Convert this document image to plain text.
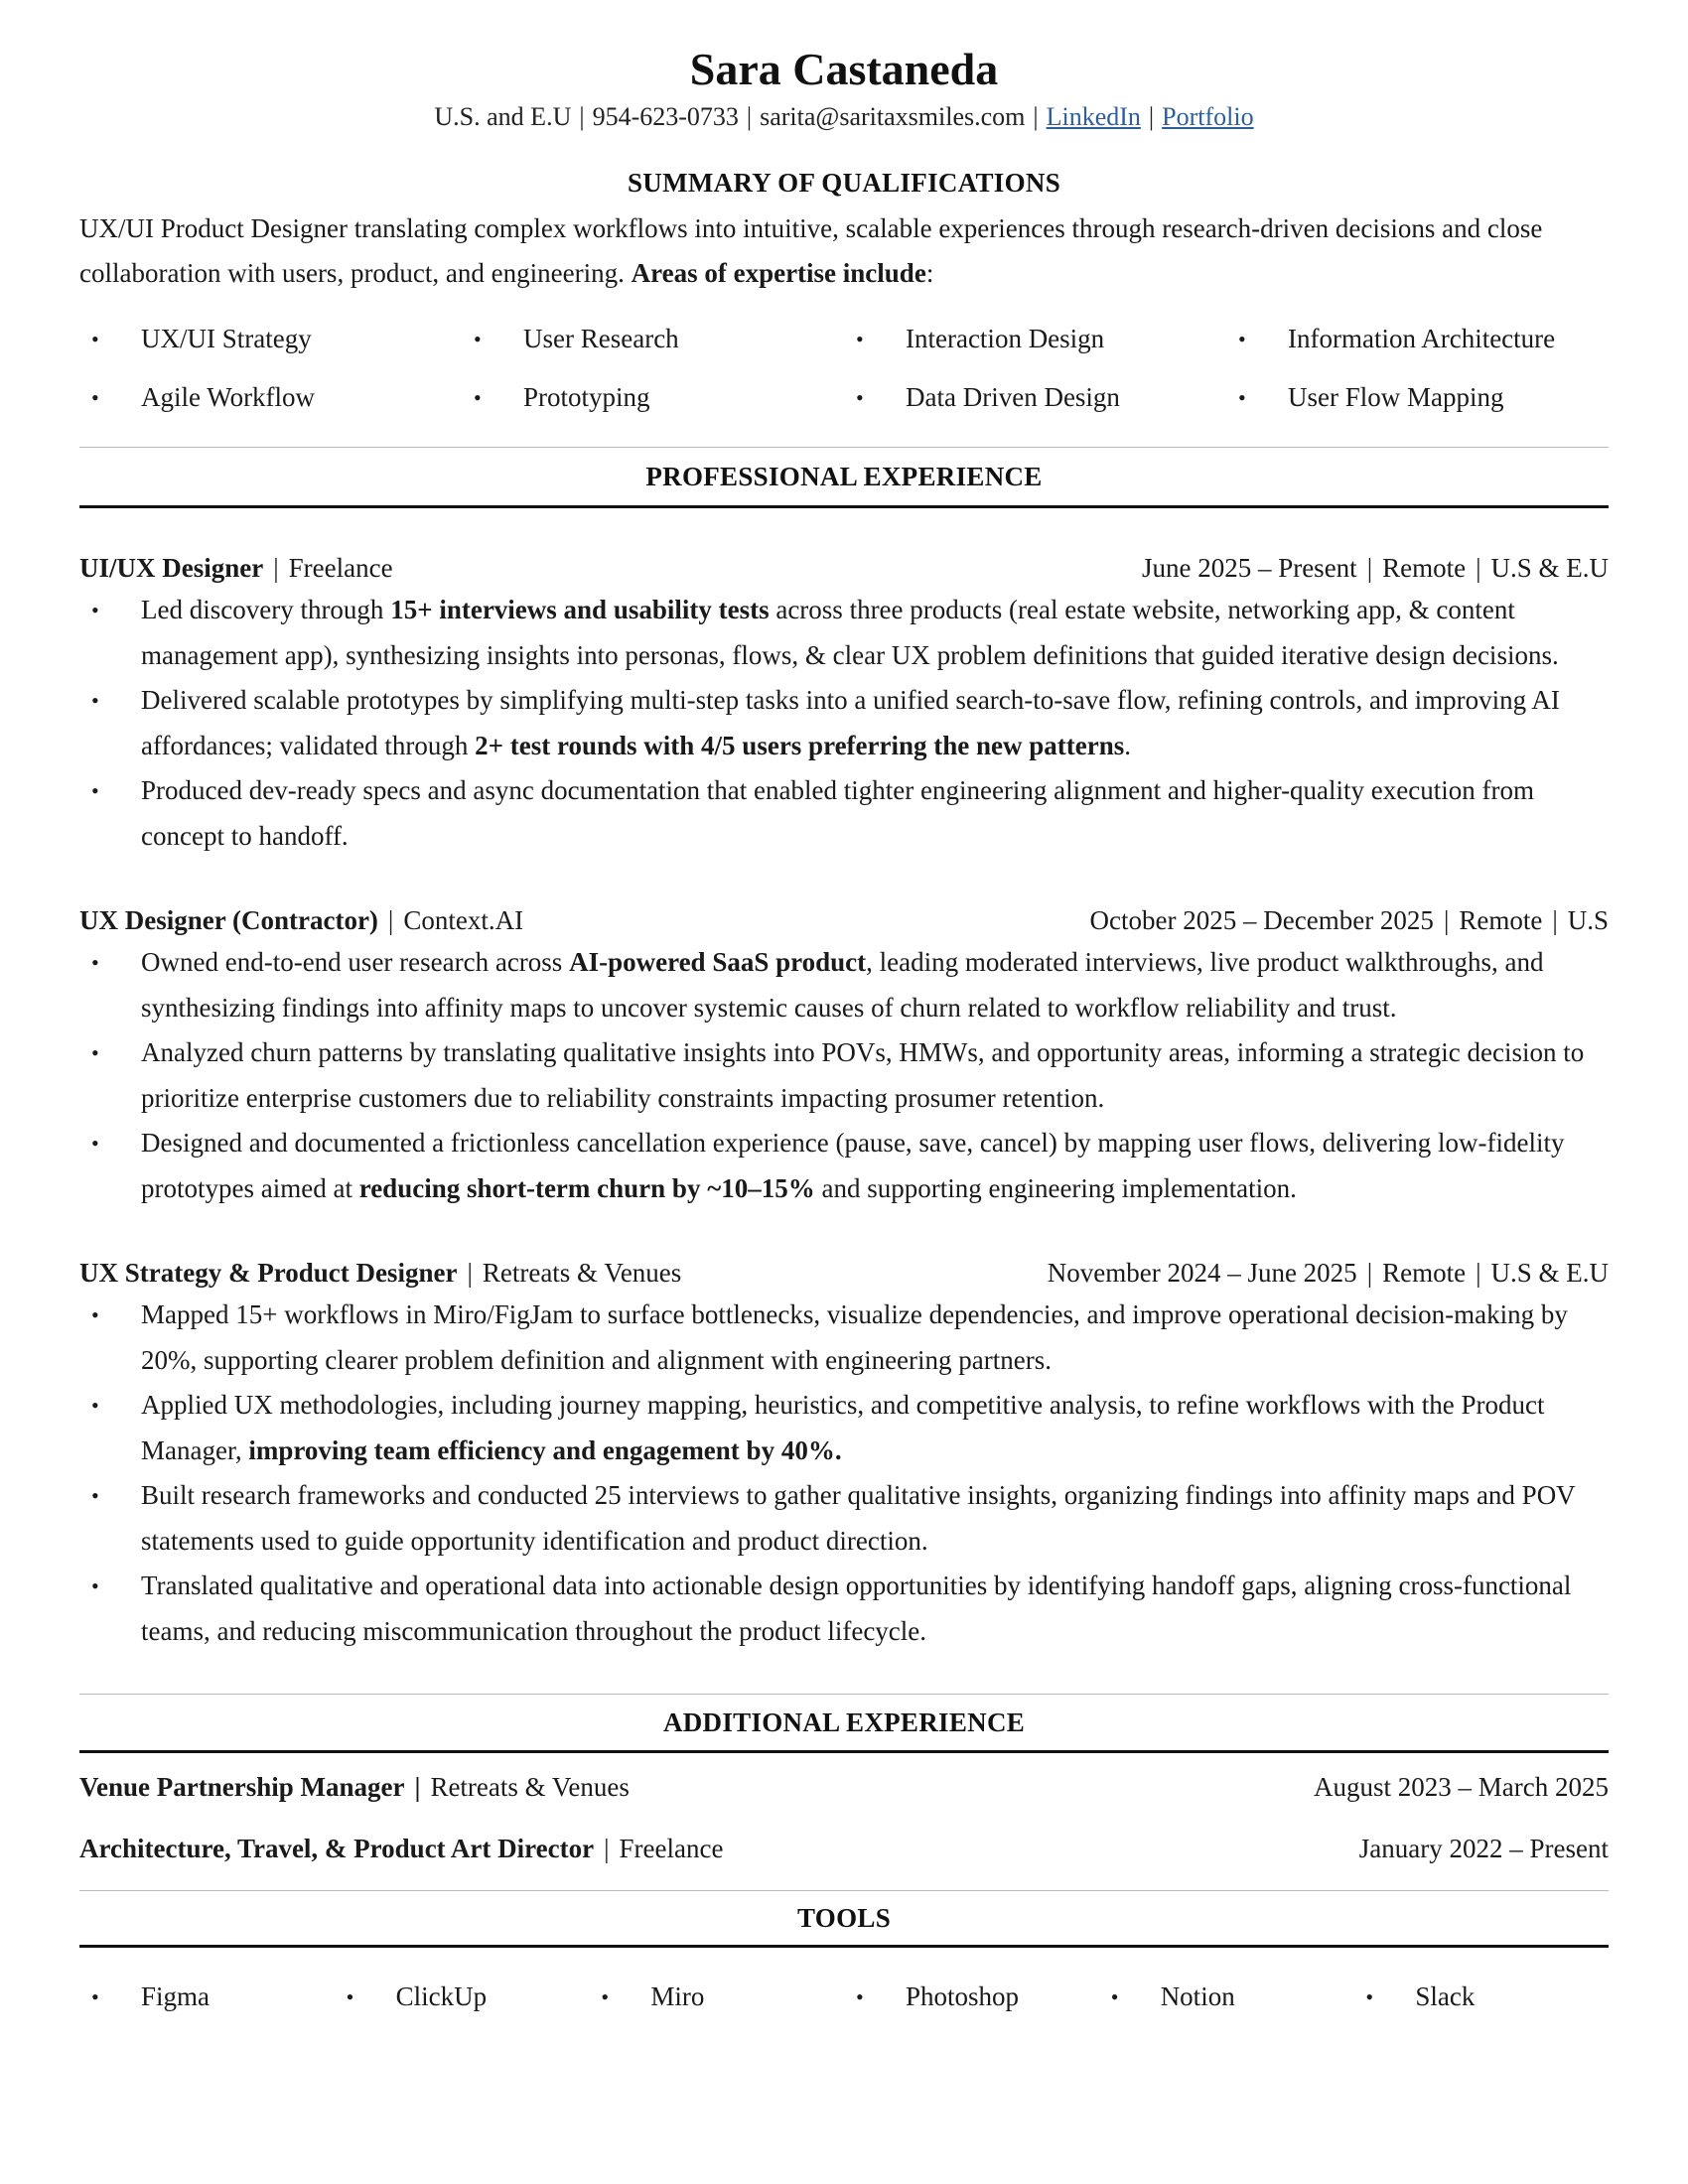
Sara Castaneda
U.S. and E.U | 954-623-0733 | sarita@saritaxsmiles.com | LinkedIn | Portfolio
SUMMARY OF QUALIFICATIONS
UX/UI Product Designer translating complex workflows into intuitive, scalable experiences through research-driven decisions and close collaboration with users, product, and engineering. Areas of expertise include:
•	UX/UI Strategy	•	User Research	•	Interaction Design	•	Information Architecture
•	Agile Workflow	•	Prototyping	•	Data Driven Design	•	User Flow Mapping
PROFESSIONAL EXPERIENCE
UI/UX Designer | Freelance	June 2025 – Present | Remote | U.S & E.U
• Led discovery through 15+ interviews and usability tests across three products (real estate website, networking app, & content management app), synthesizing insights into personas, flows, & clear UX problem definitions that guided iterative design decisions.
• Delivered scalable prototypes by simplifying multi-step tasks into a unified search-to-save flow, refining controls, and improving AI affordances; validated through 2+ test rounds with 4/5 users preferring the new patterns.
• Produced dev-ready specs and async documentation that enabled tighter engineering alignment and higher-quality execution from concept to handoff.
UX Designer (Contractor) | Context.AI	October 2025 – December 2025 | Remote | U.S
• Owned end-to-end user research across AI-powered SaaS product, leading moderated interviews, live product walkthroughs, and synthesizing findings into affinity maps to uncover systemic causes of churn related to workflow reliability and trust.
• Analyzed churn patterns by translating qualitative insights into POVs, HMWs, and opportunity areas, informing a strategic decision to prioritize enterprise customers due to reliability constraints impacting prosumer retention.
• Designed and documented a frictionless cancellation experience (pause, save, cancel) by mapping user flows, delivering low-fidelity prototypes aimed at reducing short-term churn by ~10–15% and supporting engineering implementation.
UX Strategy & Product Designer | Retreats & Venues	November 2024 – June 2025 | Remote | U.S & E.U
• Mapped 15+ workflows in Miro/FigJam to surface bottlenecks, visualize dependencies, and improve operational decision-making by 20%, supporting clearer problem definition and alignment with engineering partners.
• Applied UX methodologies, including journey mapping, heuristics, and competitive analysis, to refine workflows with the Product Manager, improving team efficiency and engagement by 40%.
• Built research frameworks and conducted 25 interviews to gather qualitative insights, organizing findings into affinity maps and POV statements used to guide opportunity identification and product direction.
• Translated qualitative and operational data into actionable design opportunities by identifying handoff gaps, aligning cross-functional teams, and reducing miscommunication throughout the product lifecycle.
ADDITIONAL EXPERIENCE
Venue Partnership Manager | Retreats & Venues	August 2023 – March 2025
Architecture, Travel, & Product Art Director | Freelance	January 2022 – Present
TOOLS
•	Figma	•	ClickUp	•	Miro	•	Photoshop	•	Notion	•	Slack
